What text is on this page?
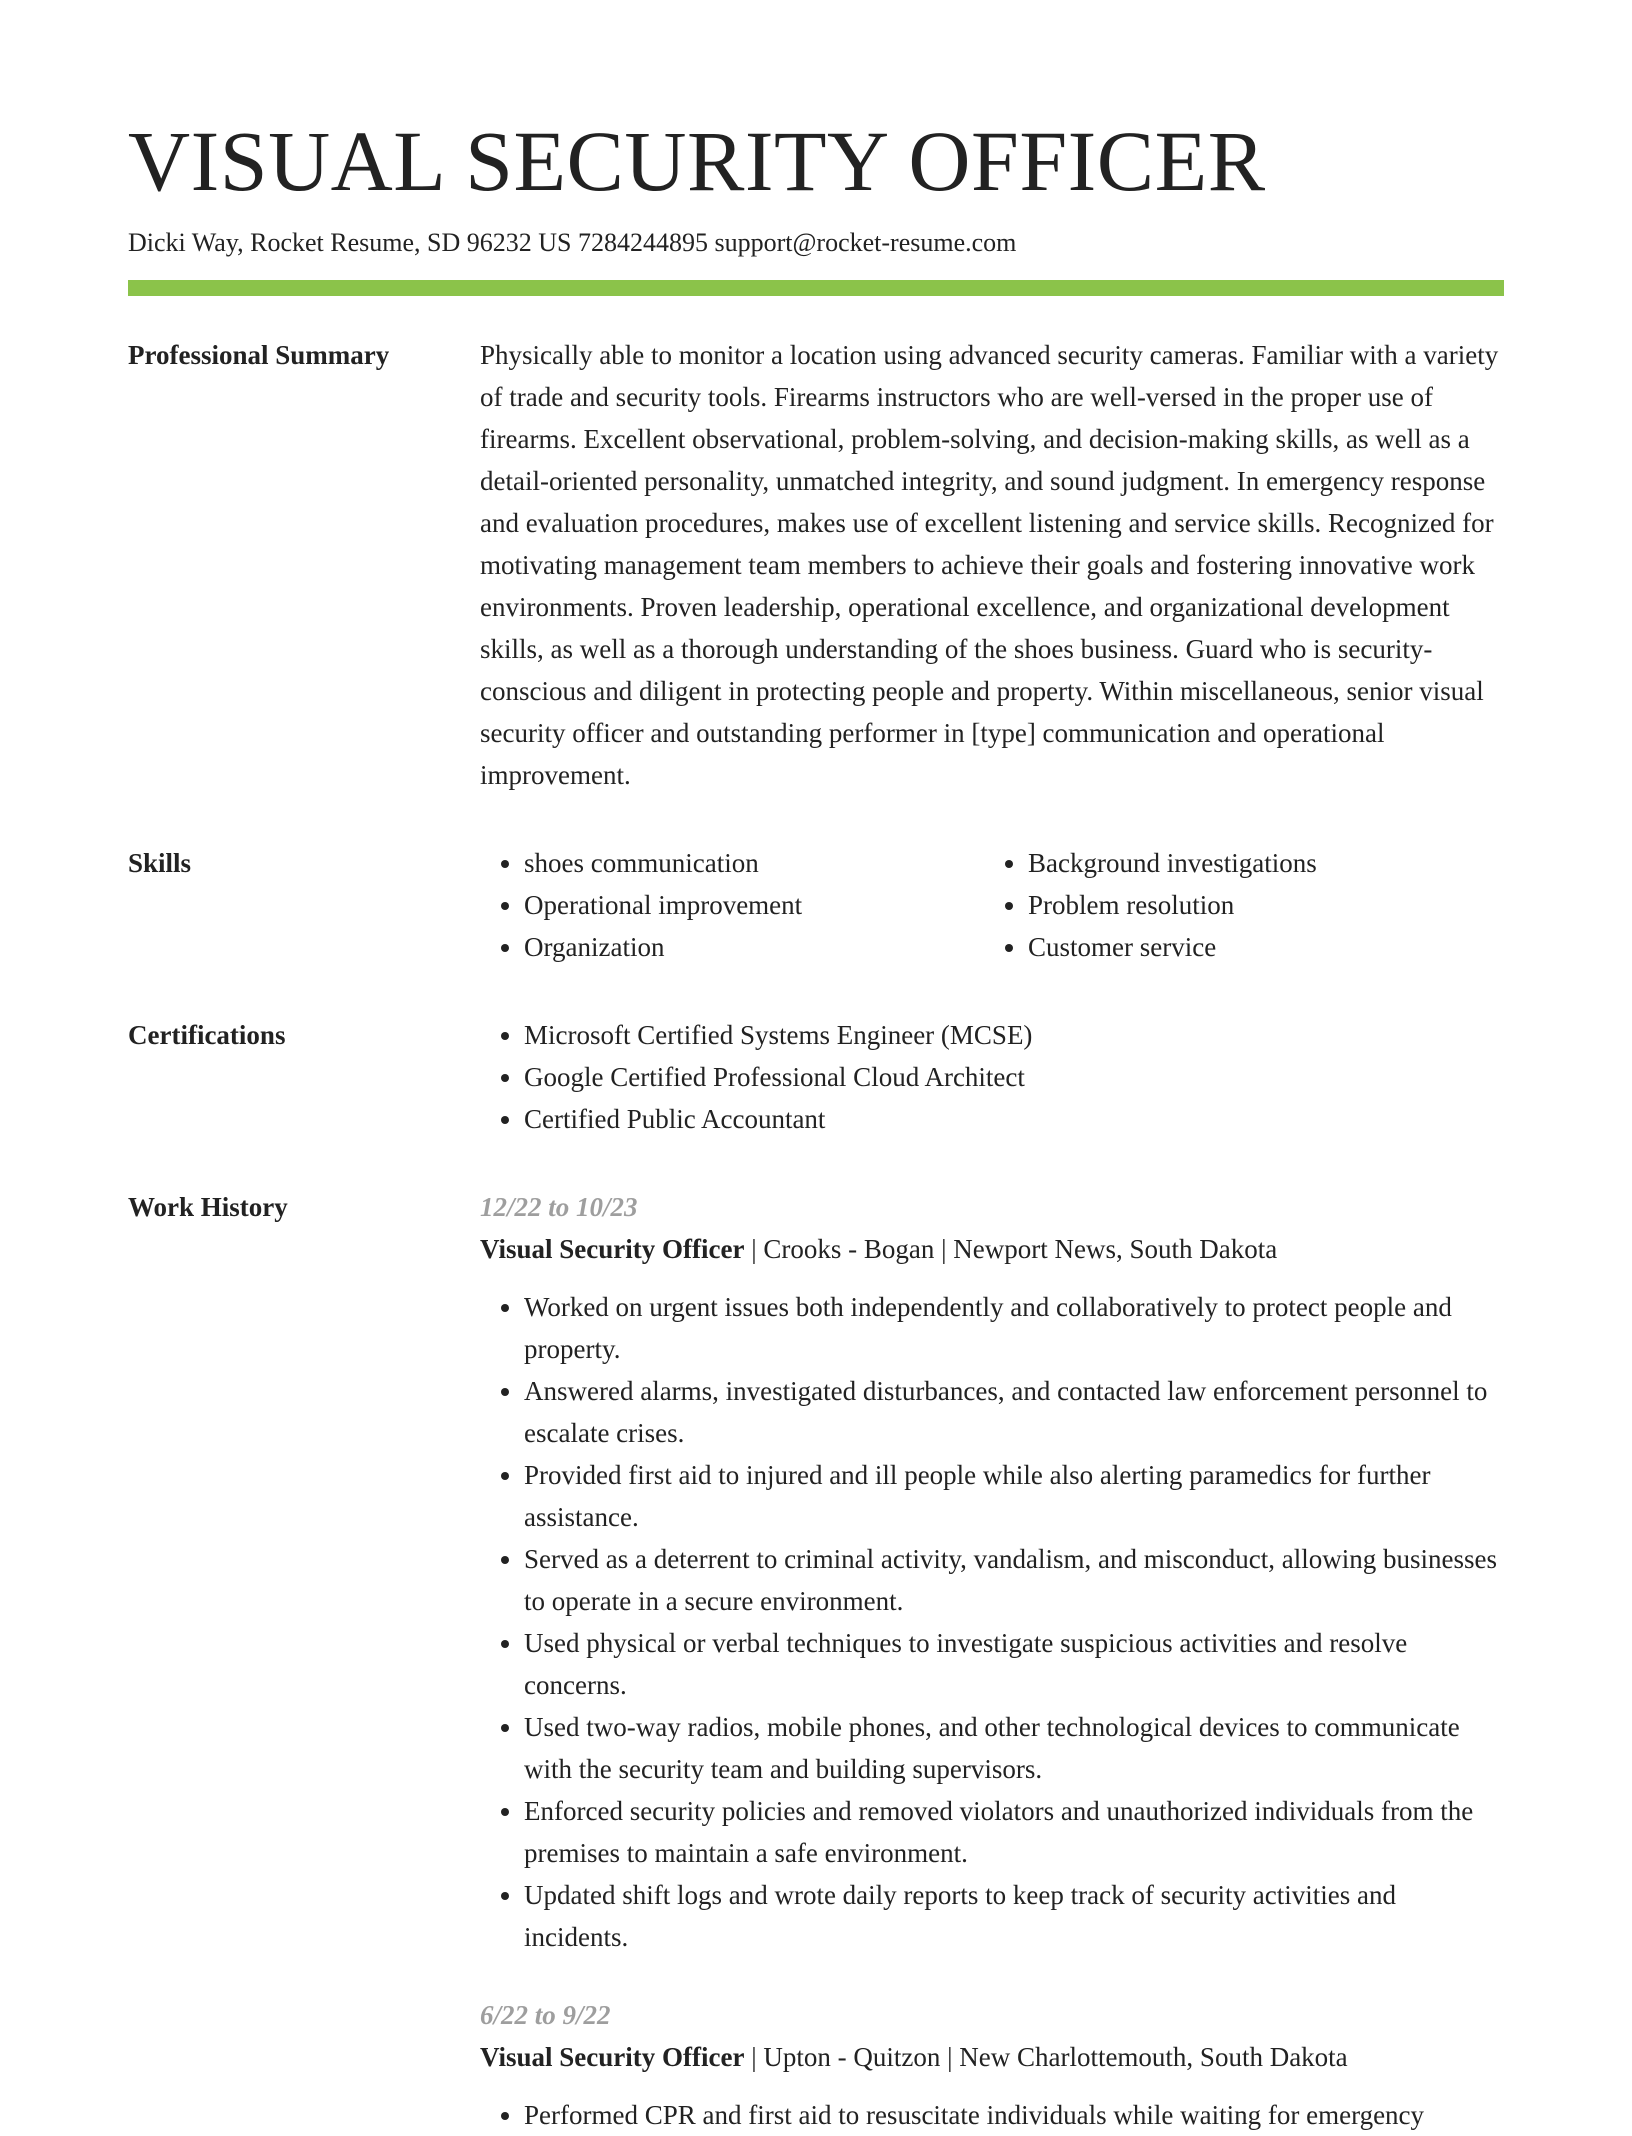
VISUAL SECURITY OFFICER
Dicki Way, Rocket Resume, SD 96232 US 7284244895 support@rocket-resume.com
Professional Summary	Physically able to monitor a location using advanced security cameras. Familiar with a variety of trade and security tools. Firearms instructors who are well-versed in the proper use of firearms. Excellent observational, problem-solving, and decision-making skills, as well as a detail-oriented personality, unmatched integrity, and sound judgment. In emergency response and evaluation procedures, makes use of excellent listening and service skills. Recognized for motivating management team members to achieve their goals and fostering innovative work environments. Proven leadership, operational excellence, and organizational development skills, as well as a thorough understanding of the shoes business. Guard who is security-conscious and diligent in protecting people and property. Within miscellaneous, senior visual security officer and outstanding performer in [type] communication and operational improvement.

Skills	• shoes communication
• Operational improvement
• Organization
• Background investigations
• Problem resolution
• Customer service
Certifications	• Microsoft Certified Systems Engineer (MCSE)
• Google Certified Professional Cloud Architect
• Certified Public Accountant
Work History	12/22 to 10/23
Visual Security Officer | Crooks - Bogan | Newport News, South Dakota
• Worked on urgent issues both independently and collaboratively to protect people and property.
• Answered alarms, investigated disturbances, and contacted law enforcement personnel to escalate crises.
• Provided first aid to injured and ill people while also alerting paramedics for further assistance.
• Served as a deterrent to criminal activity, vandalism, and misconduct, allowing businesses to operate in a secure environment.
• Used physical or verbal techniques to investigate suspicious activities and resolve concerns.
• Used two-way radios, mobile phones, and other technological devices to communicate with the security team and building supervisors.
• Enforced security policies and removed violators and unauthorized individuals from the premises to maintain a safe environment.
• Updated shift logs and wrote daily reports to keep track of security activities and incidents.
6/22 to 9/22
Visual Security Officer | Upton - Quitzon | New Charlottemouth, South Dakota
• Performed CPR and first aid to resuscitate individuals while waiting for emergency
